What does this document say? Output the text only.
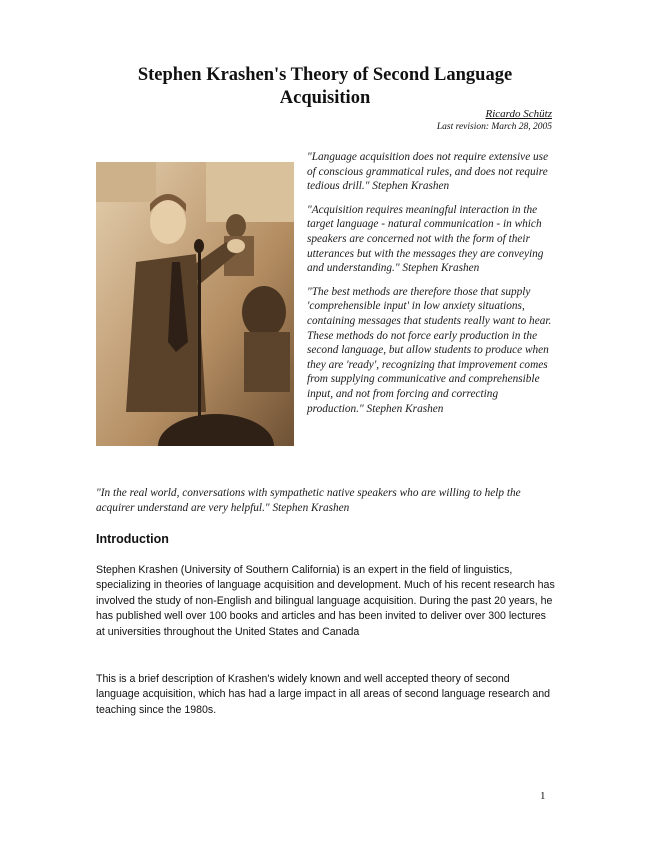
Stephen Krashen's Theory of Second Language Acquisition

Ricardo Schütz

Last revision: March 28, 2005

"Language acquisition does not require extensive use of conscious grammatical rules, and does not require tedious drill." Stephen Krashen

"Acquisition requires meaningful interaction in the target language - natural communication - in which speakers are concerned not with the form of their utterances but with the messages they are conveying and understanding." Stephen Krashen

"The best methods are therefore those that supply 'comprehensible input' in low anxiety situations, containing messages that students really want to hear. These methods do not force early production in the second language, but allow students to produce when they are 'ready', recognizing that improvement comes from supplying communicative and comprehensible input, and not from forcing and correcting production." Stephen Krashen

"In the real world, conversations with sympathetic native speakers who are willing to help the acquirer understand are very helpful." Stephen Krashen

Introduction

Stephen Krashen (University of Southern California) is an expert in the field of linguistics, specializing in theories of language acquisition and development. Much of his recent research has involved the study of non-English and bilingual language acquisition. During the past 20 years, he has published well over 100 books and articles and has been invited to deliver over 300 lectures at universities throughout the United States and Canada

This is a brief description of Krashen's widely known and well accepted theory of second language acquisition, which has had a large impact in all areas of second language research and teaching since the 1980s.

1
